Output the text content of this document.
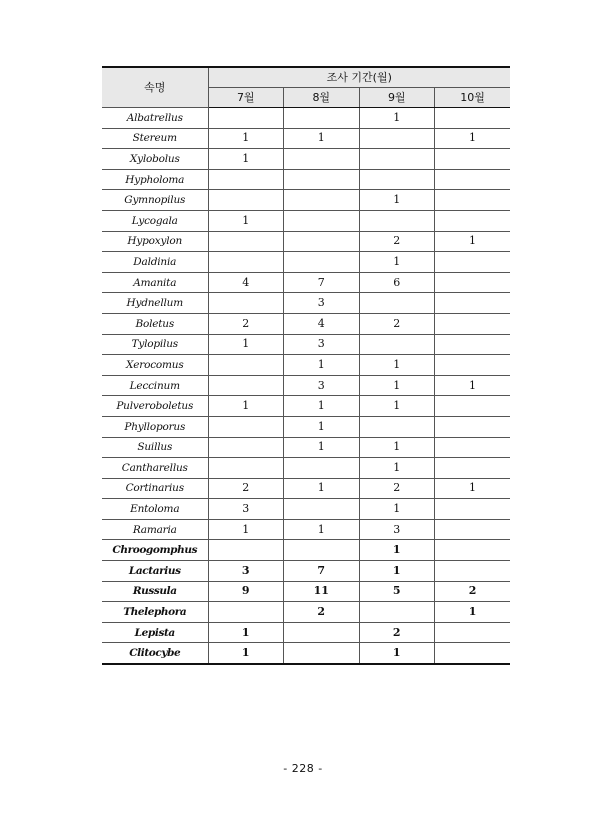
속명	조사 기간(월)			
	7월	8월	9월	10월
Albatrellus			1	
Stereum	1	1		1
Xylobolus	1			
Hypholoma				
Gymnopilus			1	
Lycogala	1			
Hypoxylon			2	1
Daldinia			1	
Amanita	4	7	6	
Hydnellum		3		
Boletus	2	4	2	
Tylopilus	1	3		
Xerocomus		1	1	
Leccinum		3	1	1
Pulveroboletus	1	1	1	
Phylloporus		1		
Suillus		1	1	
Cantharellus			1	
Cortinarius	2	1	2	1
Entoloma	3		1	
Ramaria	1	1	3	
Chroogomphus			1	
Lactarius	3	7	1	
Russula	9	11	5	2
Thelephora		2		1
Lepista	1		2	
Clitocybe	1		1	
- 228 -
